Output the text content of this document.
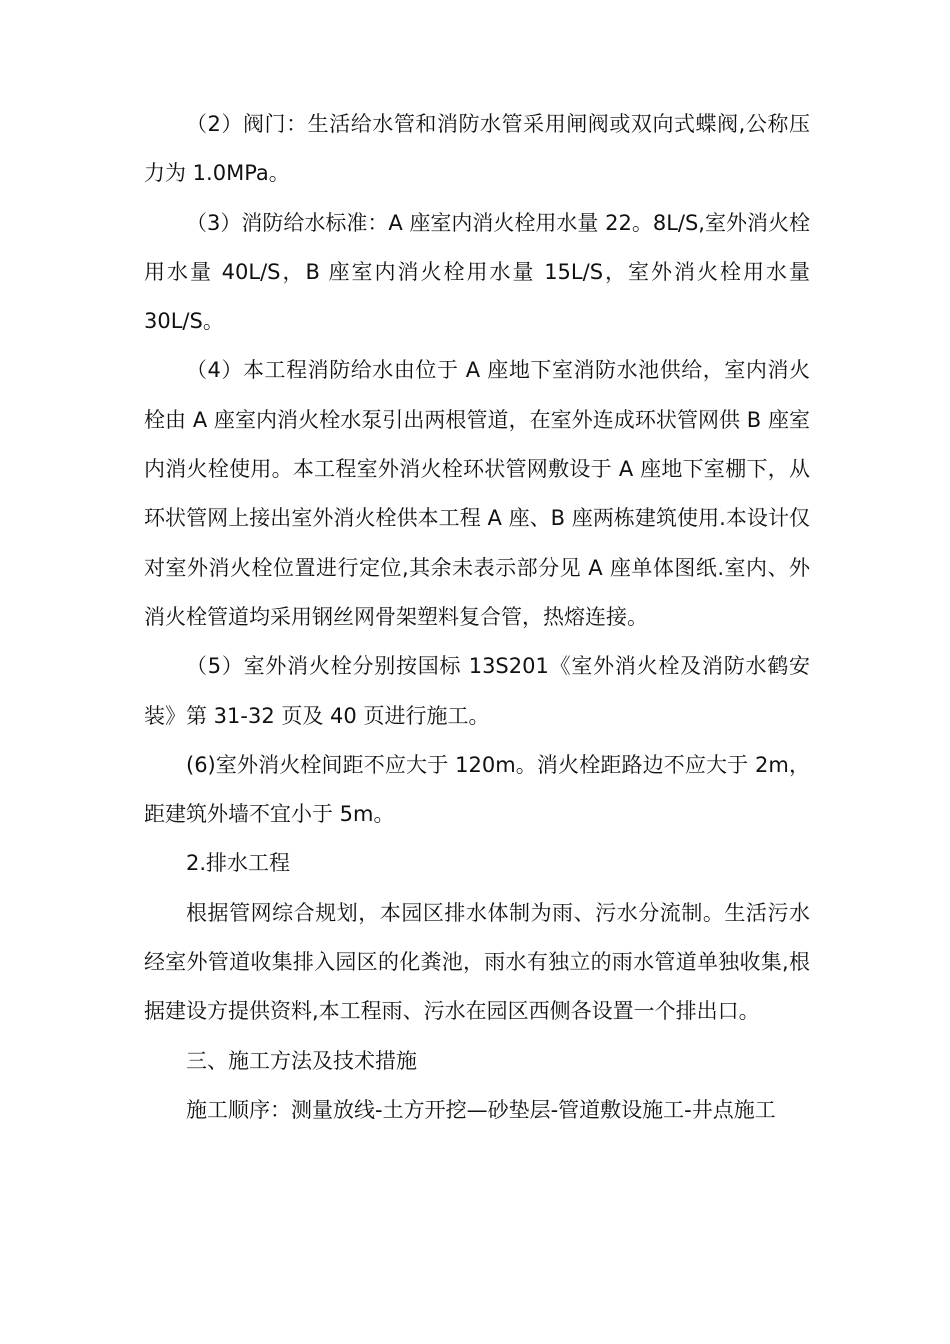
（2）阀门：生活给水管和消防水管采用闸阀或双向式蝶阀,公称压力为 1.0MPa。

（3）消防给水标准：A 座室内消火栓用水量 22。8L/S,室外消火栓用水量 40L/S，B 座室内消火栓用水量 15L/S，室外消火栓用水量 30L/S。

（4）本工程消防给水由位于 A 座地下室消防水池供给，室内消火栓由 A 座室内消火栓水泵引出两根管道，在室外连成环状管网供 B 座室内消火栓使用。本工程室外消火栓环状管网敷设于 A 座地下室棚下，从环状管网上接出室外消火栓供本工程 A 座、B 座两栋建筑使用.本设计仅对室外消火栓位置进行定位,其余未表示部分见 A 座单体图纸.室内、外消火栓管道均采用钢丝网骨架塑料复合管，热熔连接。

（5）室外消火栓分别按国标 13S201《室外消火栓及消防水鹤安装》第 31-32 页及 40 页进行施工。

(6)室外消火栓间距不应大于 120m。消火栓距路边不应大于 2m，距建筑外墙不宜小于 5m。

2.排水工程

根据管网综合规划，本园区排水体制为雨、污水分流制。生活污水经室外管道收集排入园区的化粪池，雨水有独立的雨水管道单独收集,根据建设方提供资料,本工程雨、污水在园区西侧各设置一个排出口。

三、施工方法及技术措施

施工顺序：测量放线-土方开挖—砂垫层-管道敷设施工-井点施工
